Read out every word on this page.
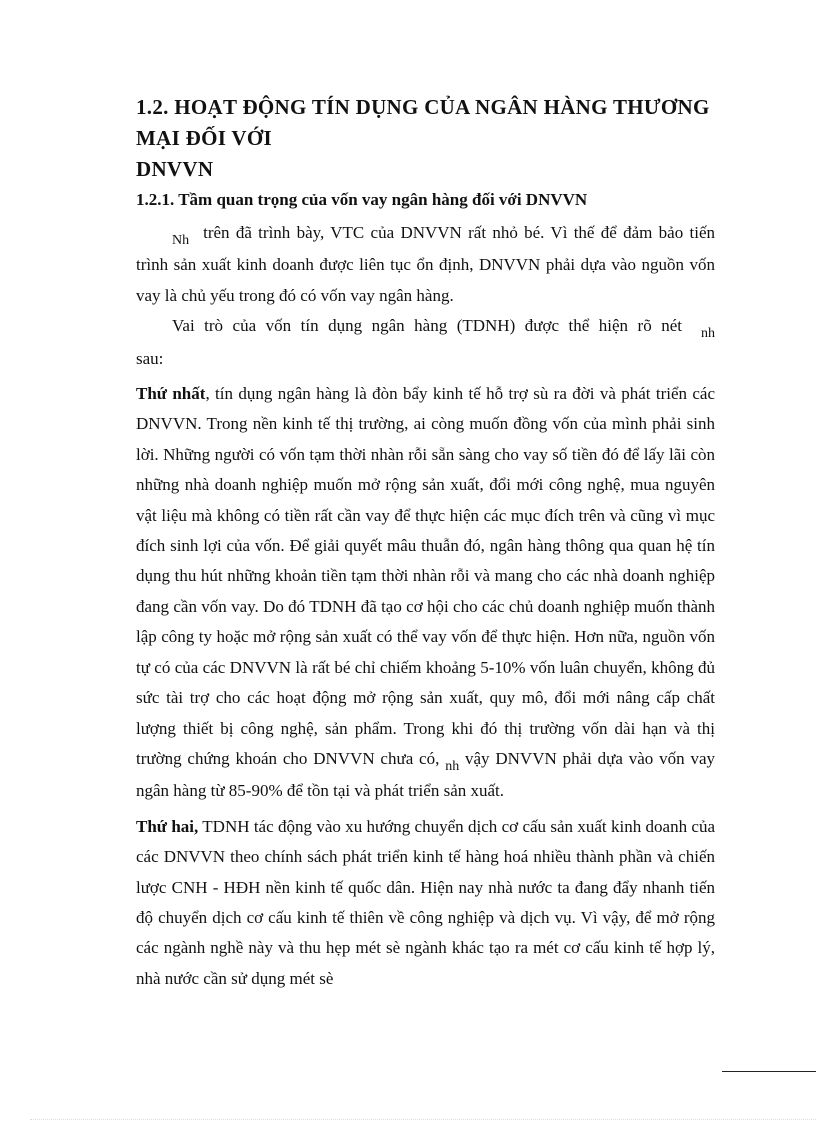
1.2. HOẠT ĐỘNG TÍN DỤNG CỦA NGÂN HÀNG THƯƠNG MẠI ĐỐI VỚI
DNVVN
1.2.1. Tầm quan trọng của vốn vay ngân hàng đối với DNVVN

$_{Nh}$ trên đã trình bày, VTC của DNVVN rất nhỏ bé. Vì thế để đảm bảo tiến trình sản xuất kinh doanh được liên tục ổn định, DNVVN phải dựa vào nguồn vốn vay là chủ yếu trong đó có vốn vay ngân hàng.

Vai trò của vốn tín dụng ngân hàng (TDNH) được thể hiện rõ nét $_{nh}$

sau:

Thứ nhất, tín dụng ngân hàng là đòn bẩy kinh tế hỗ trợ sù ra đời và phát triển các DNVVN. Trong nền kinh tế thị trường, ai còng muốn đồng vốn của mình phải sinh lời. Những người có vốn tạm thời nhàn rỗi sẵn sàng cho vay số tiền đó để lấy lãi còn những nhà doanh nghiệp muốn mở rộng sản xuất, đổi mới công nghệ, mua nguyên vật liệu mà không có tiền rất cần vay để thực hiện các mục đích trên và cũng vì mục đích sinh lợi của vốn. Để giải quyết mâu thuẫn đó, ngân hàng thông qua quan hệ tín dụng thu hút những khoản tiền tạm thời nhàn rỗi và mang cho các nhà doanh nghiệp đang cần vốn vay. Do đó TDNH đã tạo cơ hội cho các chủ doanh nghiệp muốn thành lập công ty hoặc mở rộng sản xuất có thể vay vốn để thực hiện. Hơn nữa, nguồn vốn tự có của các DNVVN là rất bé chỉ chiếm khoảng 5-10% vốn luân chuyển, không đủ sức tài trợ cho các hoạt động mở rộng sản xuất, quy mô, đổi mới nâng cấp chất lượng thiết bị công nghệ, sản phẩm. Trong khi đó thị trường vốn dài hạn và thị trường chứng khoán cho DNVVN chưa có, $_{nh}$ vậy DNVVN phải dựa vào vốn vay ngân hàng từ 85-90% để tồn tại và phát triển sản xuất.

Thứ hai, TDNH tác động vào xu hướng chuyển dịch cơ cấu sản xuất kinh doanh của các DNVVN theo chính sách phát triển kinh tế hàng hoá nhiều thành phần và chiến lược CNH - HĐH nền kinh tế quốc dân. Hiện nay nhà nước ta đang đẩy nhanh tiến độ chuyển dịch cơ cấu kinh tế thiên về công nghiệp và dịch vụ. Vì vậy, để mở rộng các ngành nghề này và thu hẹp mét sè ngành khác tạo ra mét cơ cấu kinh tế hợp lý, nhà nước cần sử dụng mét sè
